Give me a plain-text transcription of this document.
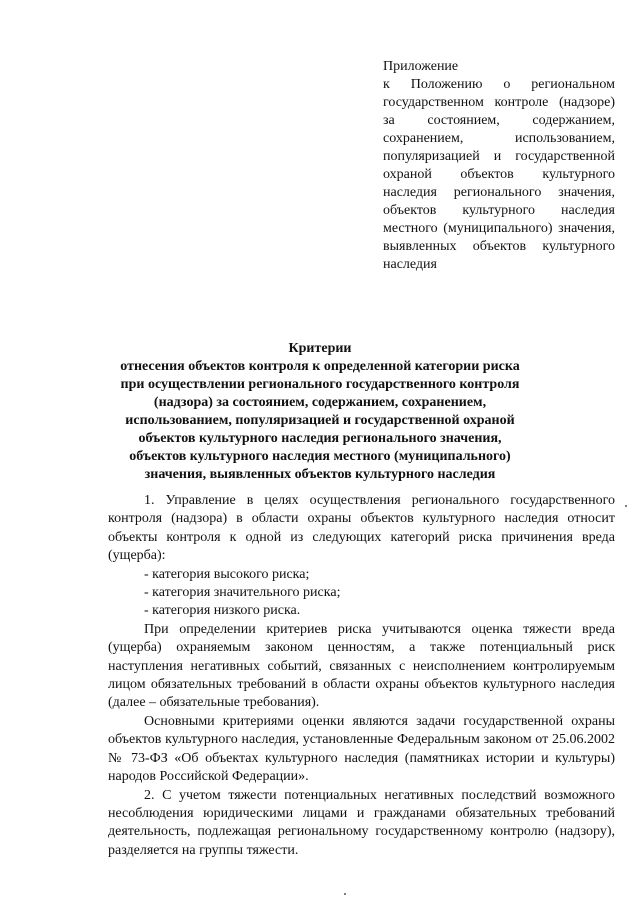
Приложение
к Положению о региональном государственном контроле (надзоре) за состоянием, содержанием, сохранением, использованием, популяризацией и государственной охраной объектов культурного наследия регионального значения, объектов культурного наследия местного (муниципального) значения, выявленных объектов культурного наследия
Критерии
отнесения объектов контроля к определенной категории риска при осуществлении регионального государственного контроля (надзора) за состоянием, содержанием, сохранением, использованием, популяризацией и государственной охраной объектов культурного наследия регионального значения, объектов культурного наследия местного (муниципального) значения, выявленных объектов культурного наследия

1. Управление в целях осуществления регионального государственного контроля (надзора) в области охраны объектов культурного наследия относит объекты контроля к одной из следующих категорий риска причинения вреда (ущерба):

- категория высокого риска;

- категория значительного риска;

- категория низкого риска.

При определении критериев риска учитываются оценка тяжести вреда (ущерба) охраняемым законом ценностям, а также потенциальный риск наступления негативных событий, связанных с неисполнением контролируемым лицом обязательных требований в области охраны объектов культурного наследия (далее – обязательные требования).

Основными критериями оценки являются задачи государственной охраны объектов культурного наследия, установленные Федеральным законом от 25.06.2002 № 73-ФЗ «Об объектах культурного наследия (памятниках истории и культуры) народов Российской Федерации».

2. С учетом тяжести потенциальных негативных последствий возможного несоблюдения юридическими лицами и гражданами обязательных требований деятельность, подлежащая региональному государственному контролю (надзору), разделяется на группы тяжести.
